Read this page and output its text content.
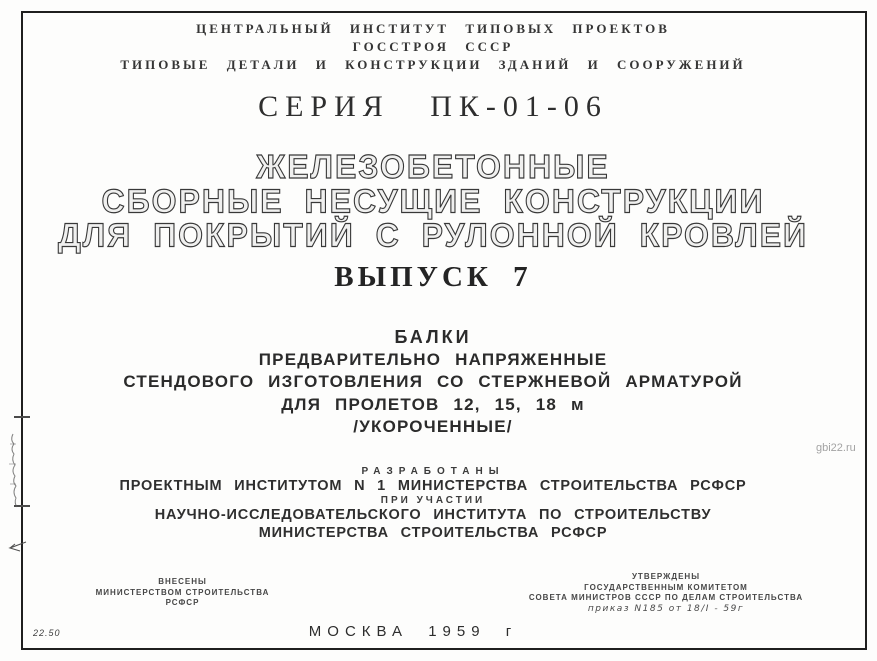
ЦЕНТРАЛЬНЫЙ ИНСТИТУТ ТИПОВЫХ ПРОЕКТОВ
ГОССТРОЯ СССР
ТИПОВЫЕ ДЕТАЛИ И КОНСТРУКЦИИ ЗДАНИЙ И СООРУЖЕНИЙ
СЕРИЯ ПК-01-06
ЖЕЛЕЗОБЕТОННЫЕ
СБОРНЫЕ НЕСУЩИЕ КОНСТРУКЦИИ
ДЛЯ ПОКРЫТИЙ С РУЛОННОЙ КРОВЛЕЙ
ВЫПУСК 7
БАЛКИ
ПРЕДВАРИТЕЛЬНО НАПРЯЖЕННЫЕ
СТЕНДОВОГО ИЗГОТОВЛЕНИЯ СО СТЕРЖНЕВОЙ АРМАТУРОЙ
ДЛЯ ПРОЛЕТОВ 12, 15, 18 м
/УКОРОЧЕННЫЕ/
РАЗРАБОТАНЫ
ПРОЕКТНЫМ ИНСТИТУТОМ N 1 МИНИСТЕРСТВА СТРОИТЕЛЬСТВА РСФСР
ПРИ УЧАСТИИ
НАУЧНО-ИССЛЕДОВАТЕЛЬСКОГО ИНСТИТУТА ПО СТРОИТЕЛЬСТВУ
МИНИСТЕРСТВА СТРОИТЕЛЬСТВА РСФСР
ВНЕСЕНЫ
МИНИСТЕРСТВОМ СТРОИТЕЛЬСТВА
РСФСР
УТВЕРЖДЕНЫ
ГОСУДАРСТВЕННЫМ КОМИТЕТОМ
СОВЕТА МИНИСТРОВ СССР ПО ДЕЛАМ СТРОИТЕЛЬСТВА
приказ N185 от 18/I - 59г
МОСКВА 1959 г
22.50
gbi22.ru
